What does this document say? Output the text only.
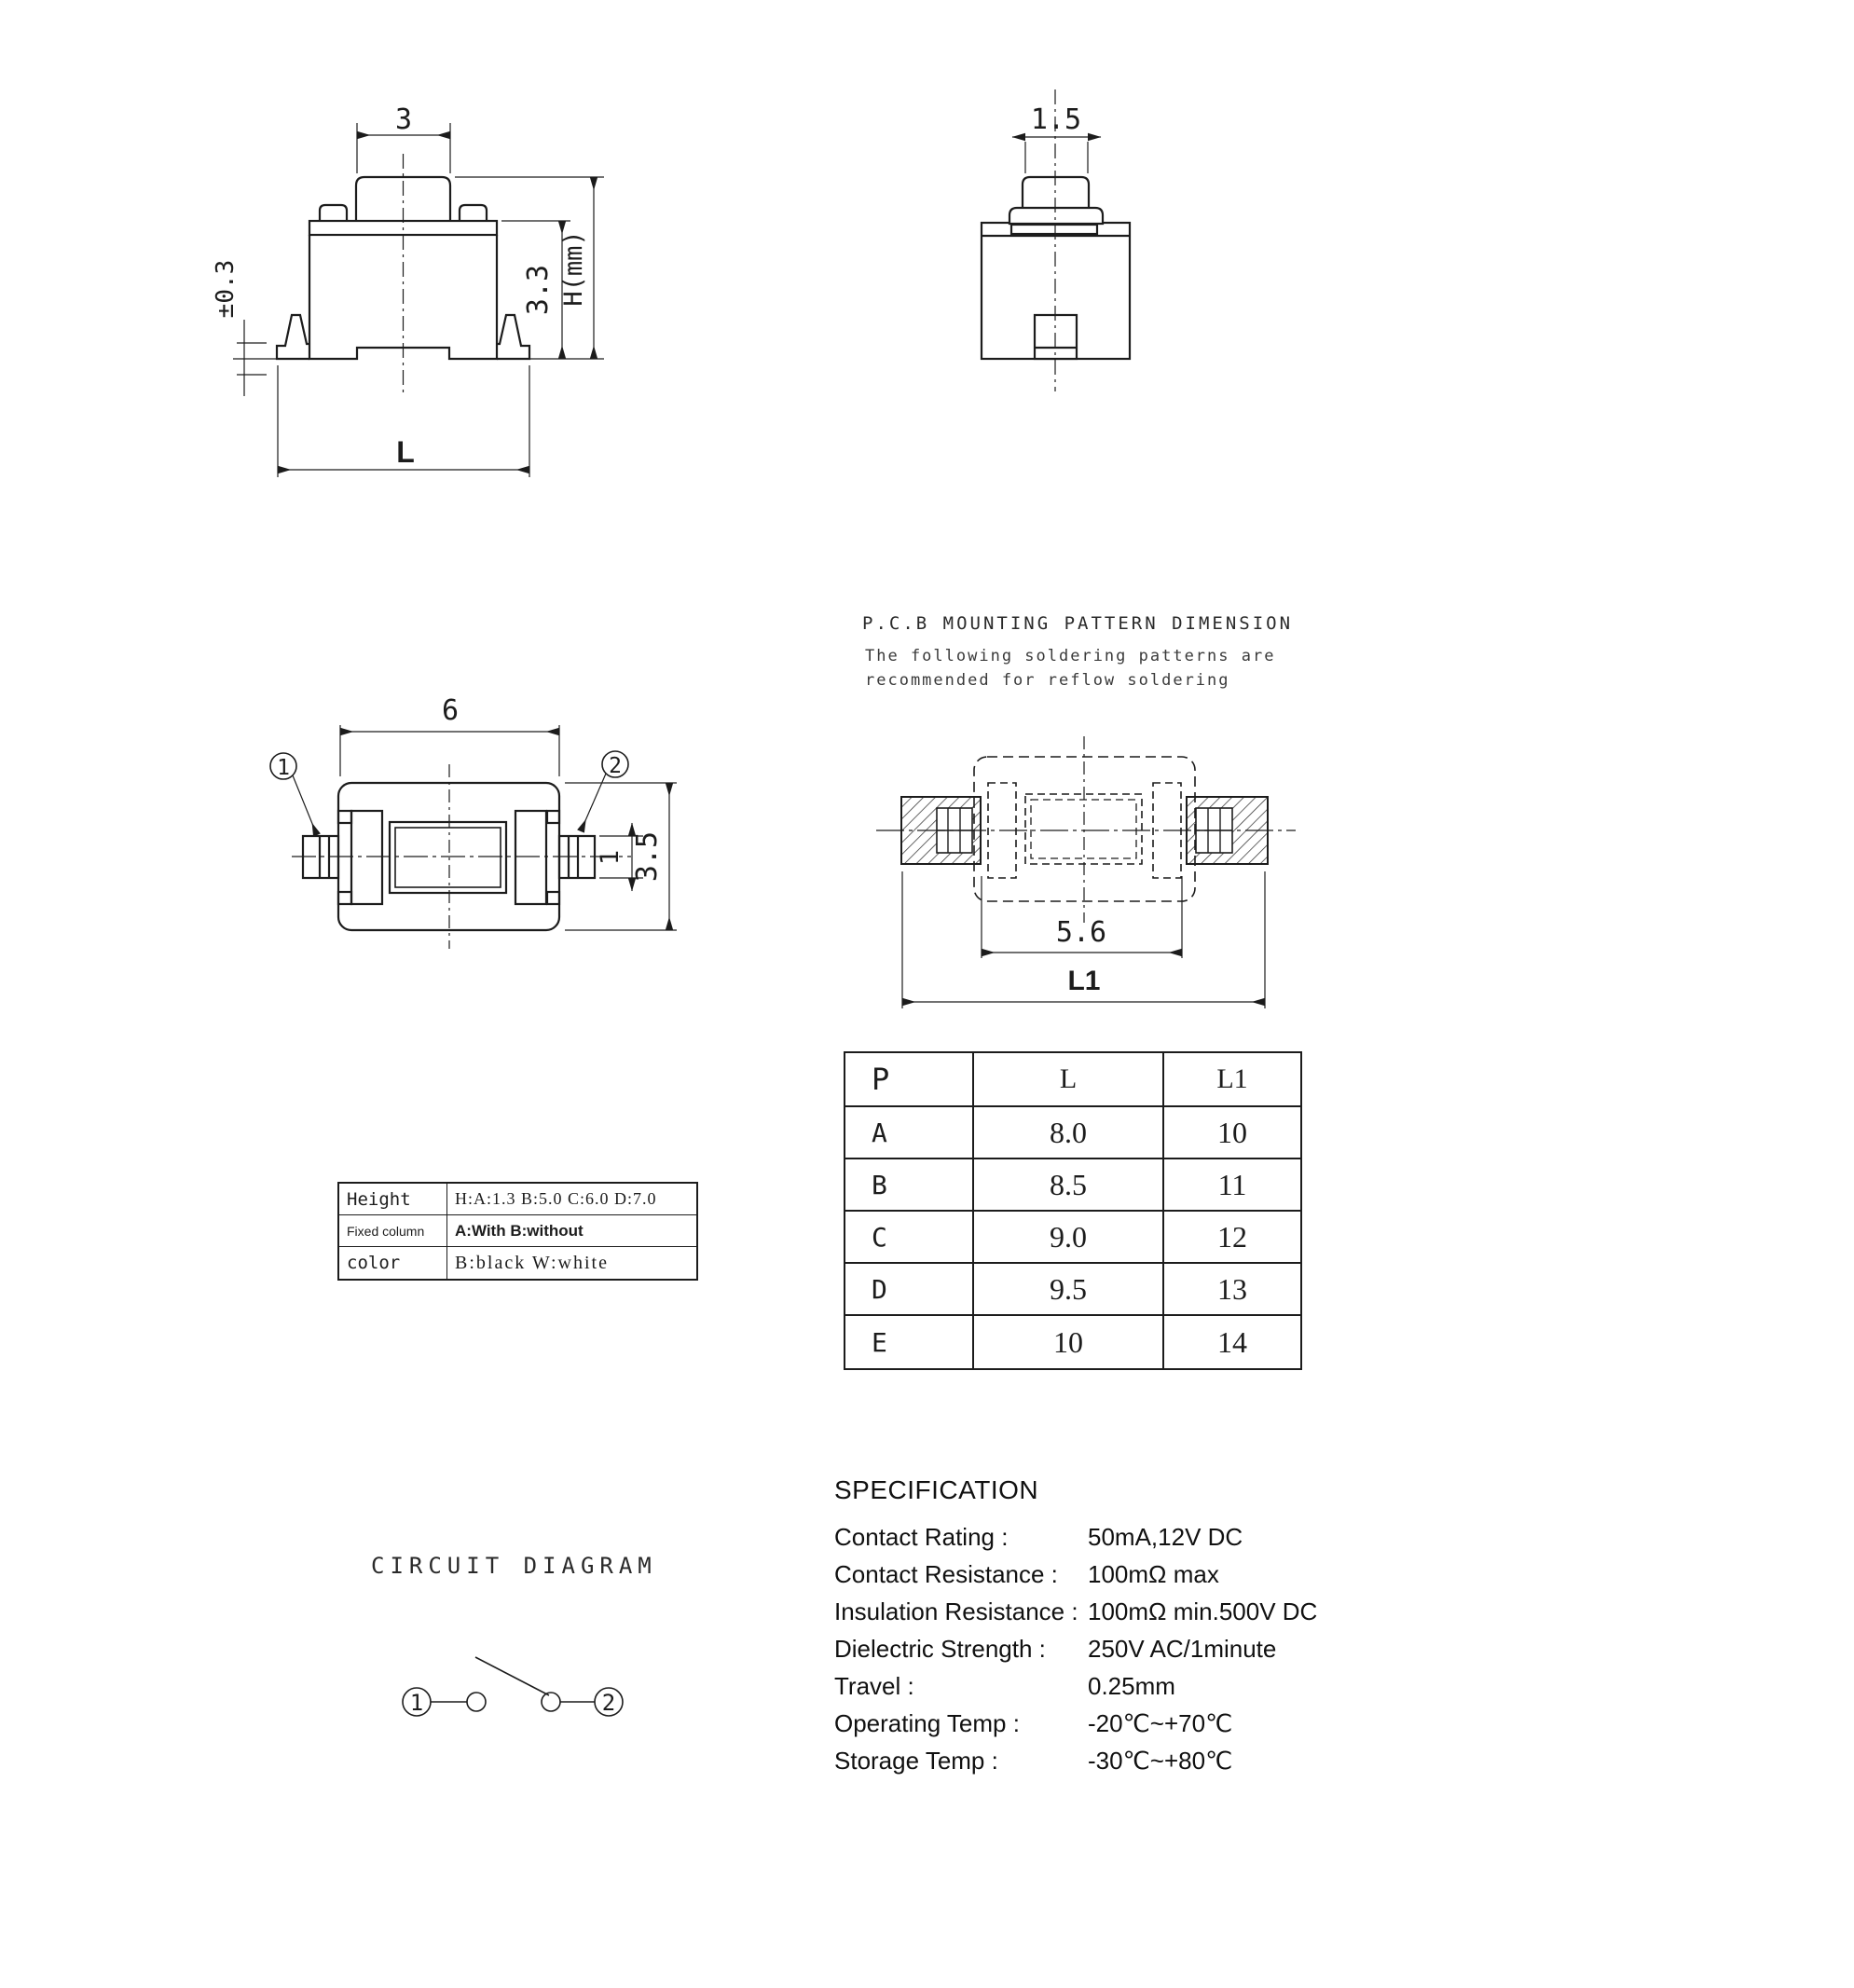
3
±0.3	3.3 H(mm)
L
1.5
6
3.5
1
1	2
P.C.B MOUNTING PATTERN DIMENSION
The following soldering patterns are
recommended for reflow soldering
5.6
L1
P	L	L1
A	8.0	10
B	8.5	11
C	9.0	12
D	9.5	13
E	10	14
Height	H:A:1.3 B:5.0 C:6.0 D:7.0
Fixed column	A:With B:without
color	B:black W:white
CIRCUIT DIAGRAM
1	2
SPECIFICATION
Contact Rating :	50mA,12V DC
Contact Resistance :	100mΩ max
Insulation Resistance : 100mΩ min.500V DC
Dielectric Strength :	250V AC/1minute
Travel :	0.25mm
Operating Temp :	-20℃~+70℃
Storage Temp :	-30℃~+80℃
